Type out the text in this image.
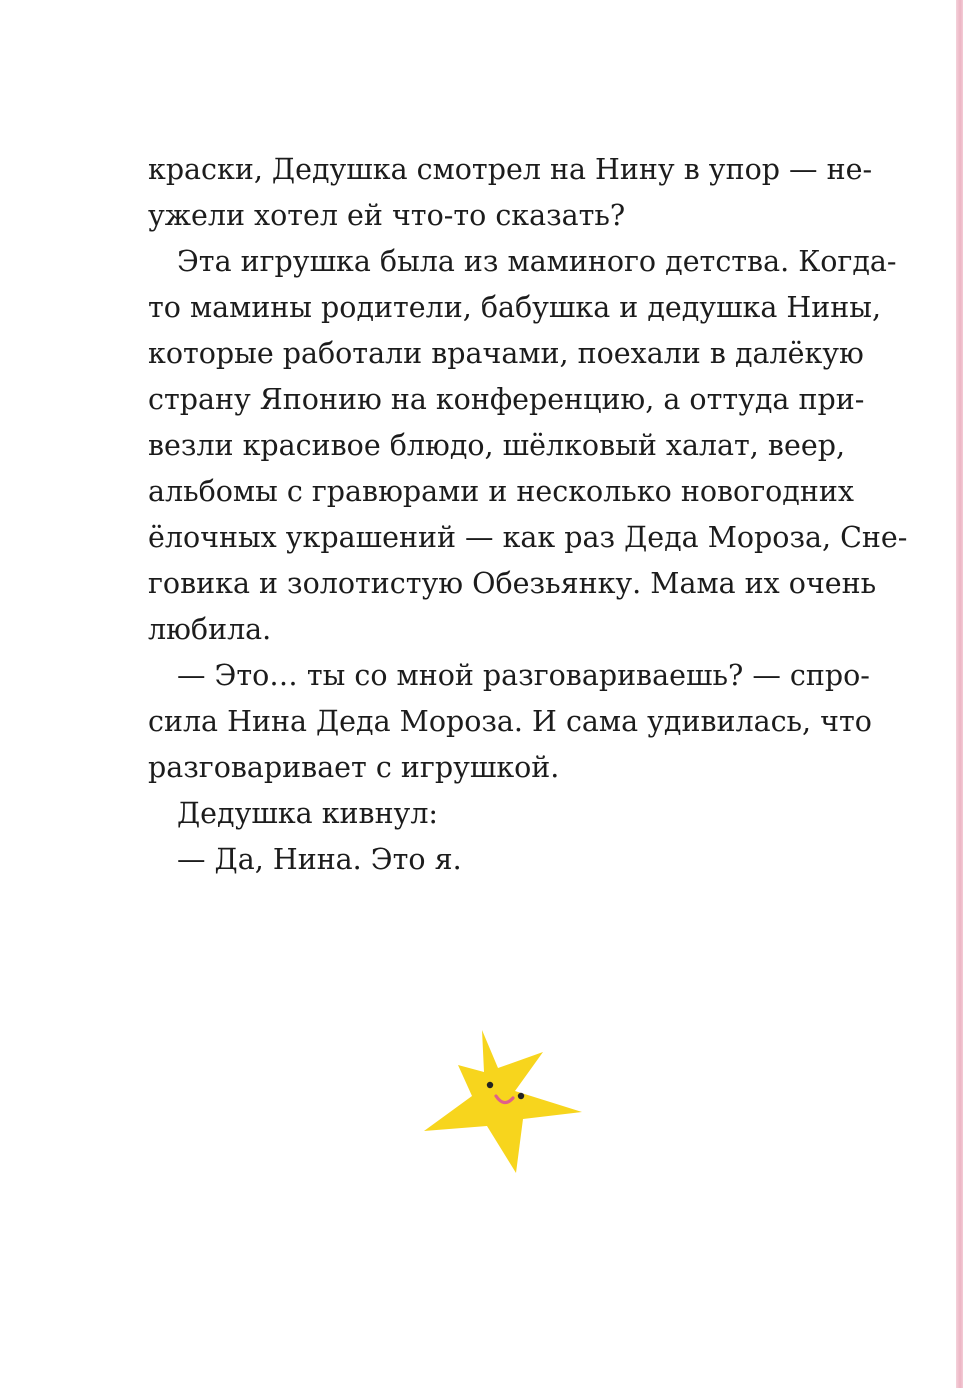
краски, Дедушка смотрел на Нину в упор — не-
ужели хотел ей что-то сказать?
Эта игрушка была из маминого детства. Когда-
то мамины родители, бабушка и дедушка Нины,
которые работали врачами, поехали в далёкую
страну Японию на конференцию, а оттуда при-
везли красивое блюдо, шёлковый халат, веер,
альбомы с гравюрами и несколько новогодних
ёлочных украшений — как раз Деда Мороза, Сне-
говика и золотистую Обезьянку. Мама их очень
любила.
— Это… ты со мной разговариваешь? — спро-
сила Нина Деда Мороза. И сама удивилась, что
разговаривает с игрушкой.
Дедушка кивнул:
— Да, Нина. Это я.
